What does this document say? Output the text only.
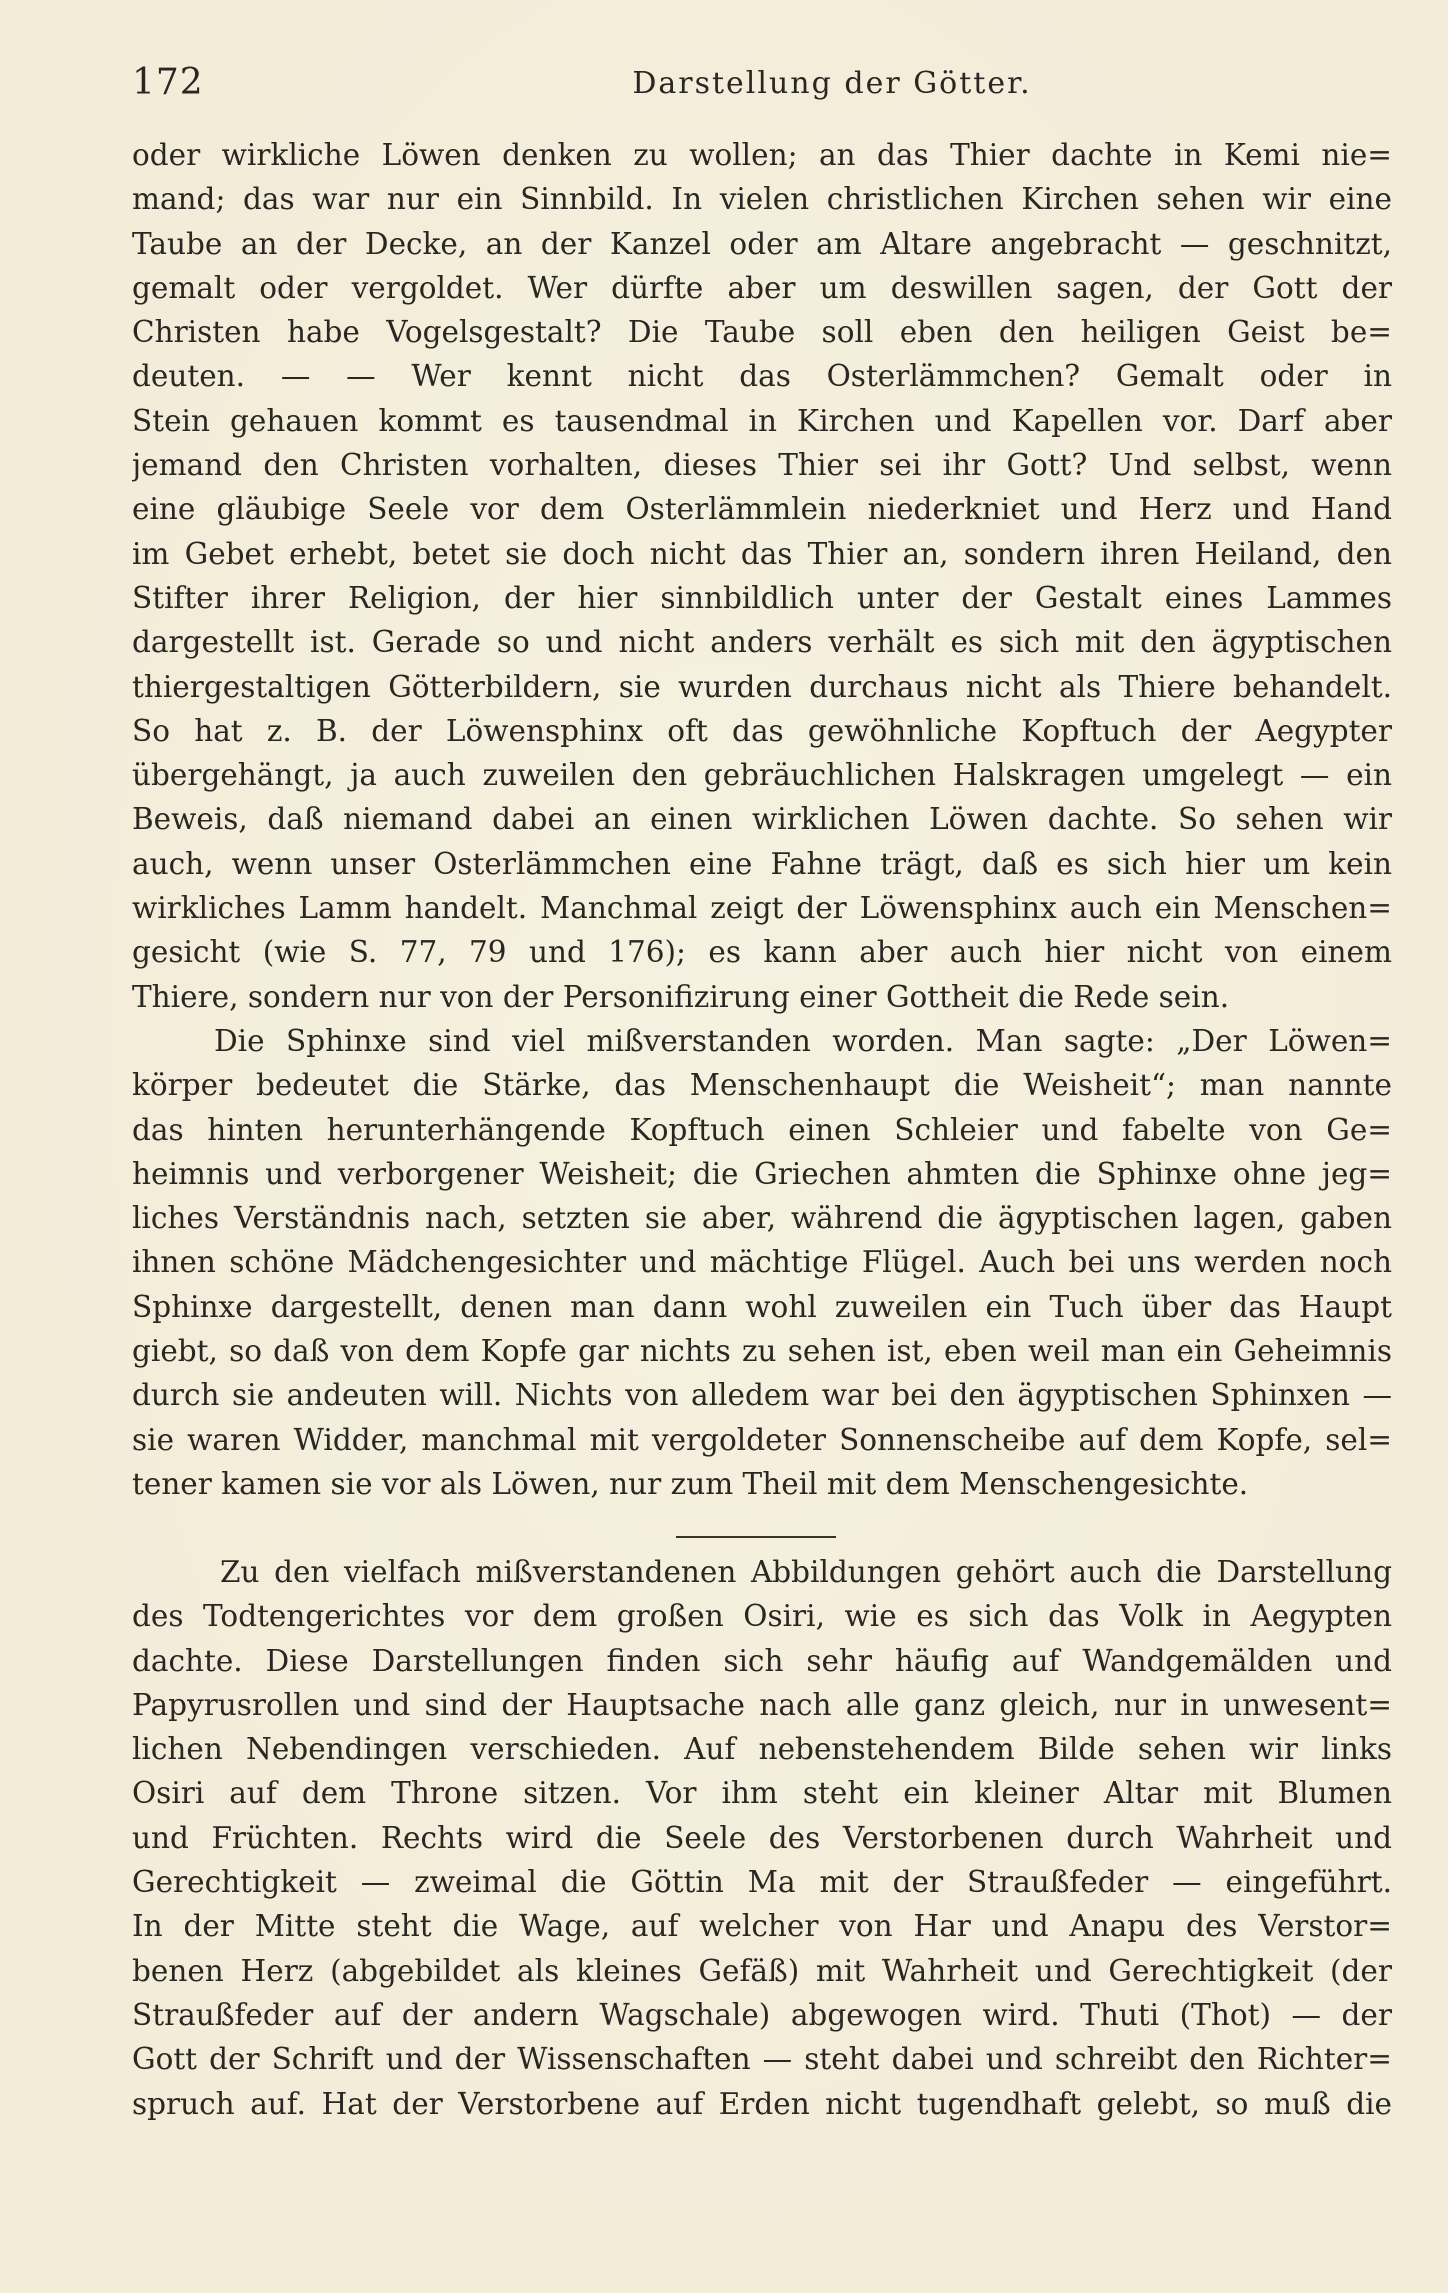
172	Darstellung der Götter.
oder wirkliche Löwen denken zu wollen; an das Thier dachte in Kemi nie=
mand; das war nur ein Sinnbild. In vielen christlichen Kirchen sehen wir eine
Taube an der Decke, an der Kanzel oder am Altare angebracht — geschnitzt,
gemalt oder vergoldet. Wer dürfte aber um deswillen sagen, der Gott der
Christen habe Vogelsgestalt? Die Taube soll eben den heiligen Geist be=
deuten. — — Wer kennt nicht das Osterlämmchen? Gemalt oder in
Stein gehauen kommt es tausendmal in Kirchen und Kapellen vor. Darf aber
jemand den Christen vorhalten, dieses Thier sei ihr Gott? Und selbst, wenn
eine gläubige Seele vor dem Osterlämmlein niederkniet und Herz und Hand
im Gebet erhebt, betet sie doch nicht das Thier an, sondern ihren Heiland, den
Stifter ihrer Religion, der hier sinnbildlich unter der Gestalt eines Lammes
dargestellt ist. Gerade so und nicht anders verhält es sich mit den ägyptischen
thiergestaltigen Götterbildern, sie wurden durchaus nicht als Thiere behandelt.
So hat z. B. der Löwensphinx oft das gewöhnliche Kopftuch der Aegypter
übergehängt, ja auch zuweilen den gebräuchlichen Halskragen umgelegt — ein
Beweis, daß niemand dabei an einen wirklichen Löwen dachte. So sehen wir
auch, wenn unser Osterlämmchen eine Fahne trägt, daß es sich hier um kein
wirkliches Lamm handelt. Manchmal zeigt der Löwensphinx auch ein Menschen=
gesicht (wie S. 77, 79 und 176); es kann aber auch hier nicht von einem
Thiere, sondern nur von der Personifizirung einer Gottheit die Rede sein.
Die Sphinxe sind viel mißverstanden worden. Man sagte: „Der Löwen=
körper bedeutet die Stärke, das Menschenhaupt die Weisheit“; man nannte
das hinten herunterhängende Kopftuch einen Schleier und fabelte von Ge=
heimnis und verborgener Weisheit; die Griechen ahmten die Sphinxe ohne jeg=
liches Verständnis nach, setzten sie aber, während die ägyptischen lagen, gaben
ihnen schöne Mädchengesichter und mächtige Flügel. Auch bei uns werden noch
Sphinxe dargestellt, denen man dann wohl zuweilen ein Tuch über das Haupt
giebt, so daß von dem Kopfe gar nichts zu sehen ist, eben weil man ein Geheimnis
durch sie andeuten will. Nichts von alledem war bei den ägyptischen Sphinxen —
sie waren Widder, manchmal mit vergoldeter Sonnenscheibe auf dem Kopfe, sel=
tener kamen sie vor als Löwen, nur zum Theil mit dem Menschengesichte.
Zu den vielfach mißverstandenen Abbildungen gehört auch die Darstellung
des Todtengerichtes vor dem großen Osiri, wie es sich das Volk in Aegypten
dachte. Diese Darstellungen finden sich sehr häufig auf Wandgemälden und
Papyrusrollen und sind der Hauptsache nach alle ganz gleich, nur in unwesent=
lichen Nebendingen verschieden. Auf nebenstehendem Bilde sehen wir links
Osiri auf dem Throne sitzen. Vor ihm steht ein kleiner Altar mit Blumen
und Früchten. Rechts wird die Seele des Verstorbenen durch Wahrheit und
Gerechtigkeit — zweimal die Göttin Ma mit der Straußfeder — eingeführt.
In der Mitte steht die Wage, auf welcher von Har und Anapu des Verstor=
benen Herz (abgebildet als kleines Gefäß) mit Wahrheit und Gerechtigkeit (der
Straußfeder auf der andern Wagschale) abgewogen wird. Thuti (Thot) — der
Gott der Schrift und der Wissenschaften — steht dabei und schreibt den Richter=
spruch auf. Hat der Verstorbene auf Erden nicht tugendhaft gelebt, so muß die
